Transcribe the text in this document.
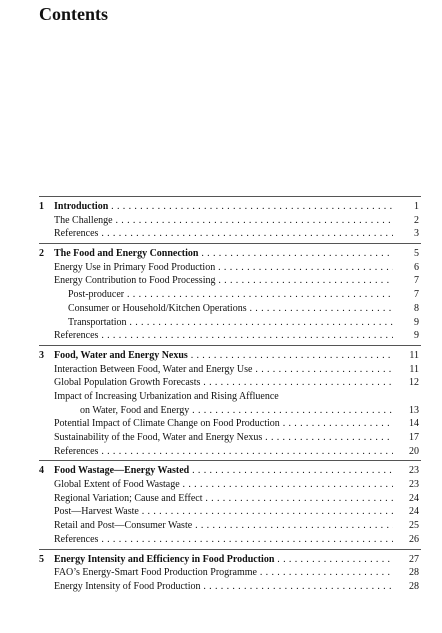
Contents
1 Introduction . . .	1
The Challenge . . .	2
References . . .	3
2 The Food and Energy Connection . . .	5
Energy Use in Primary Food Production . . .	6
Energy Contribution to Food Processing . . .	7
Post-producer . . .	7
Consumer or Household/Kitchen Operations . . .	8
Transportation . . .	9
References . . .	9
3 Food, Water and Energy Nexus . . .	11
Interaction Between Food, Water and Energy Use . . .	11
Global Population Growth Forecasts . . .	12
Impact of Increasing Urbanization and Rising Affluence
on Water, Food and Energy . . .	13
Potential Impact of Climate Change on Food Production . . .	14
Sustainability of the Food, Water and Energy Nexus . . .	17
References . . .	20
4 Food Wastage—Energy Wasted . . .	23
Global Extent of Food Wastage . . .	23
Regional Variation; Cause and Effect . . .	24
Post—Harvest Waste . . .	24
Retail and Post—Consumer Waste . . .	25
References . . .	26
5 Energy Intensity and Efficiency in Food Production . . .	27
FAO’s Energy-Smart Food Production Programme . . .	28
Energy Intensity of Food Production . . .	28
